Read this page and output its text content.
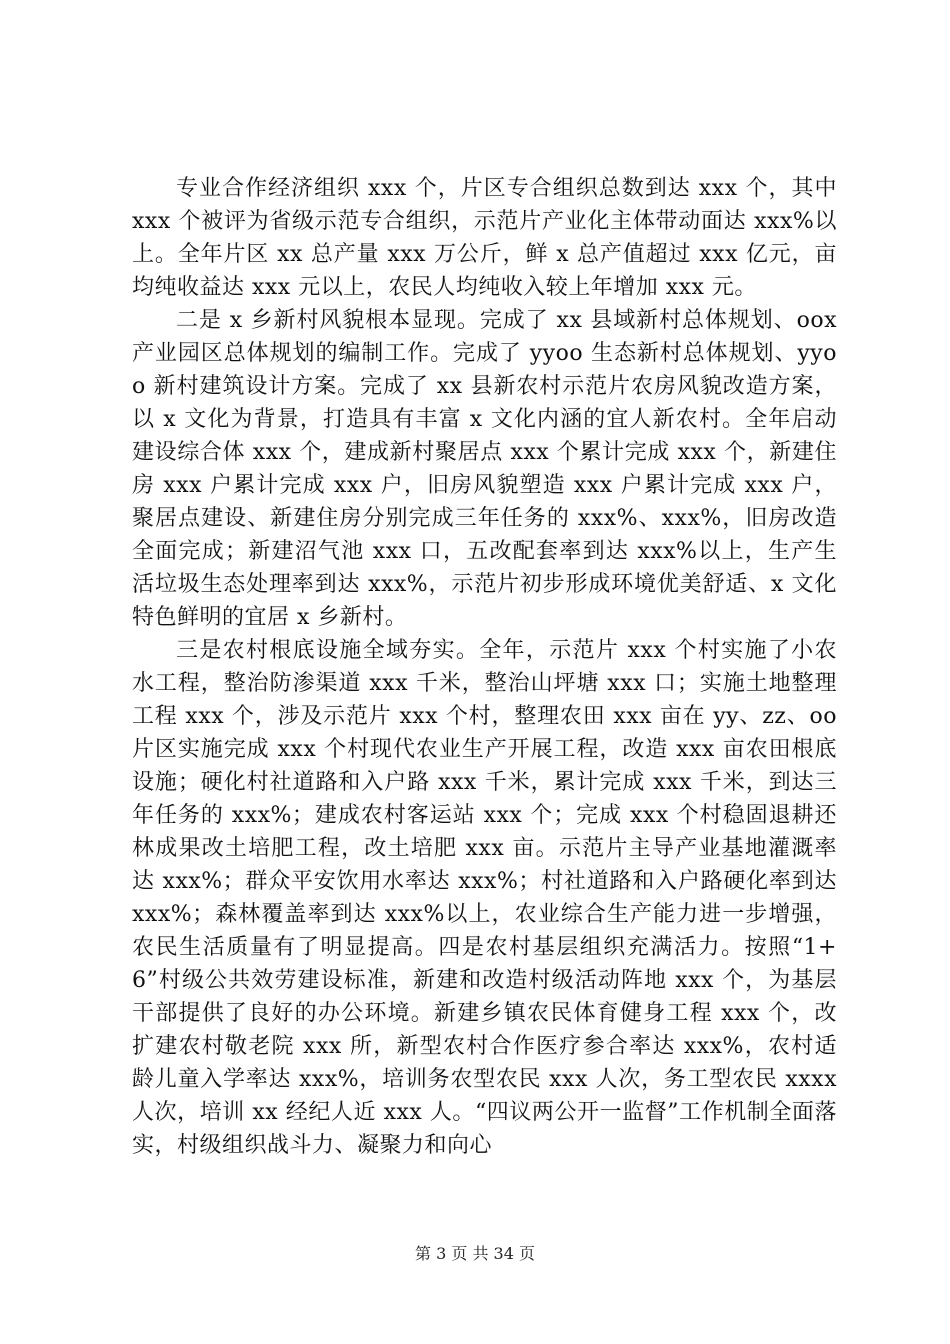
专业合作经济组织 xxx 个，片区专合组织总数到达 xxx 个，其中 xxx 个被评为省级示范专合组织，示范片产业化主体带动面达 xxx%以上。全年片区 xx 总产量 xxx 万公斤，鲜 x 总产值超过 xxx 亿元，亩均纯收益达 xxx 元以上，农民人均纯收入较上年增加 xxx 元。

二是 x 乡新村风貌根本显现。完成了 xx 县域新村总体规划、oox 产业园区总体规划的编制工作。完成了 yyoo 生态新村总体规划、yyoo 新村建筑设计方案。完成了 xx 县新农村示范片农房风貌改造方案，以 x 文化为背景，打造具有丰富 x 文化内涵的宜人新农村。全年启动建设综合体 xxx 个，建成新村聚居点 xxx 个累计完成 xxx 个，新建住房 xxx 户累计完成 xxx 户，旧房风貌塑造 xxx 户累计完成 xxx 户，聚居点建设、新建住房分别完成三年任务的 xxx%、xxx%，旧房改造全面完成；新建沼气池 xxx 口，五改配套率到达 xxx%以上，生产生活垃圾生态处理率到达 xxx%，示范片初步形成环境优美舒适、x 文化特色鲜明的宜居 x 乡新村。

三是农村根底设施全域夯实。全年，示范片 xxx 个村实施了小农水工程，整治防渗渠道 xxx 千米，整治山坪塘 xxx 口；实施土地整理工程 xxx 个，涉及示范片 xxx 个村，整理农田 xxx 亩在 yy、zz、oo 片区实施完成 xxx 个村现代农业生产开展工程，改造 xxx 亩农田根底设施；硬化村社道路和入户路 xxx 千米，累计完成 xxx 千米，到达三年任务的 xxx%；建成农村客运站 xxx 个；完成 xxx 个村稳固退耕还林成果改土培肥工程，改土培肥 xxx 亩。示范片主导产业基地灌溉率达 xxx%；群众平安饮用水率达 xxx%；村社道路和入户路硬化率到达 xxx%；森林覆盖率到达 xxx%以上，农业综合生产能力进一步增强，农民生活质量有了明显提高。四是农村基层组织充满活力。按照“1+6”村级公共效劳建设标准，新建和改造村级活动阵地 xxx 个，为基层干部提供了良好的办公环境。新建乡镇农民体育健身工程 xxx 个，改扩建农村敬老院 xxx 所，新型农村合作医疗参合率达 xxx%，农村适龄儿童入学率达 xxx%，培训务农型农民 xxx 人次，务工型农民 xxxx 人次，培训 xx 经纪人近 xxx 人。“四议两公开一监督”工作机制全面落实，村级组织战斗力、凝聚力和向心

第 3 页 共 34 页
